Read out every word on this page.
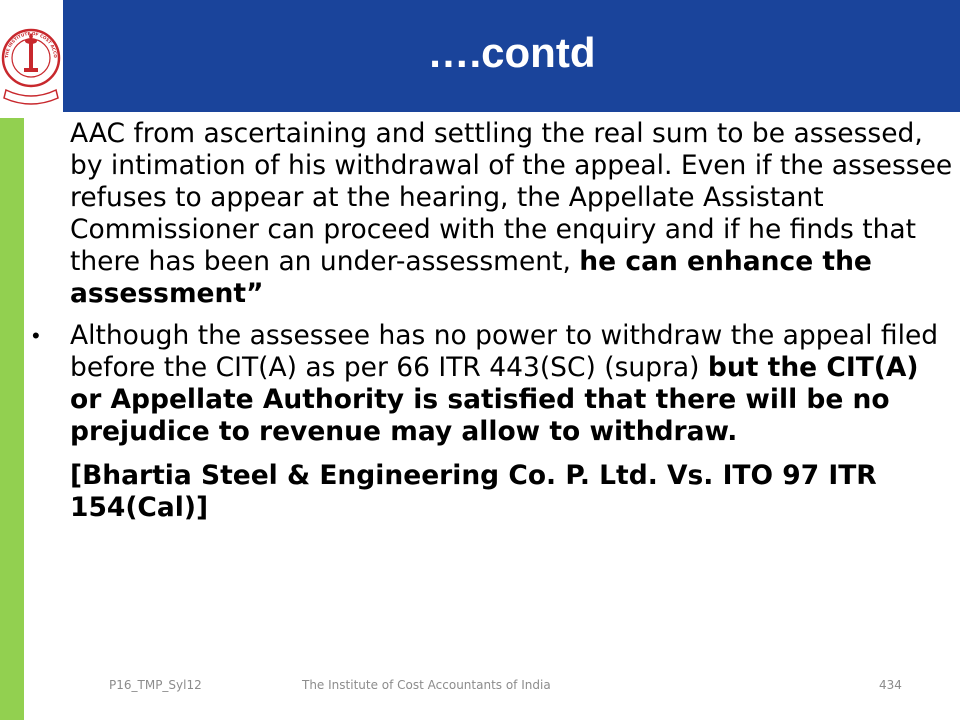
THE INSTITUTE OF COST ACCO	….contd

AAC from ascertaining and settling the real sum to be assessed, by intimation of his withdrawal of the appeal. Even if the assessee refuses to appear at the hearing, the Appellate Assistant Commissioner can proceed with the enquiry and if he finds that there has been an under-assessment, he can enhance the assessment”

• Although the assessee has no power to withdraw the appeal filed before the CIT(A) as per 66 ITR 443(SC) (supra) but the CIT(A) or Appellate Authority is satisfied that there will be no prejudice to revenue may allow to withdraw.
[Bhartia Steel & Engineering Co. P. Ltd. Vs. ITO 97 ITR 154(Cal)]
P16_TMP_Syl12	The Institute of Cost Accountants of India	434
